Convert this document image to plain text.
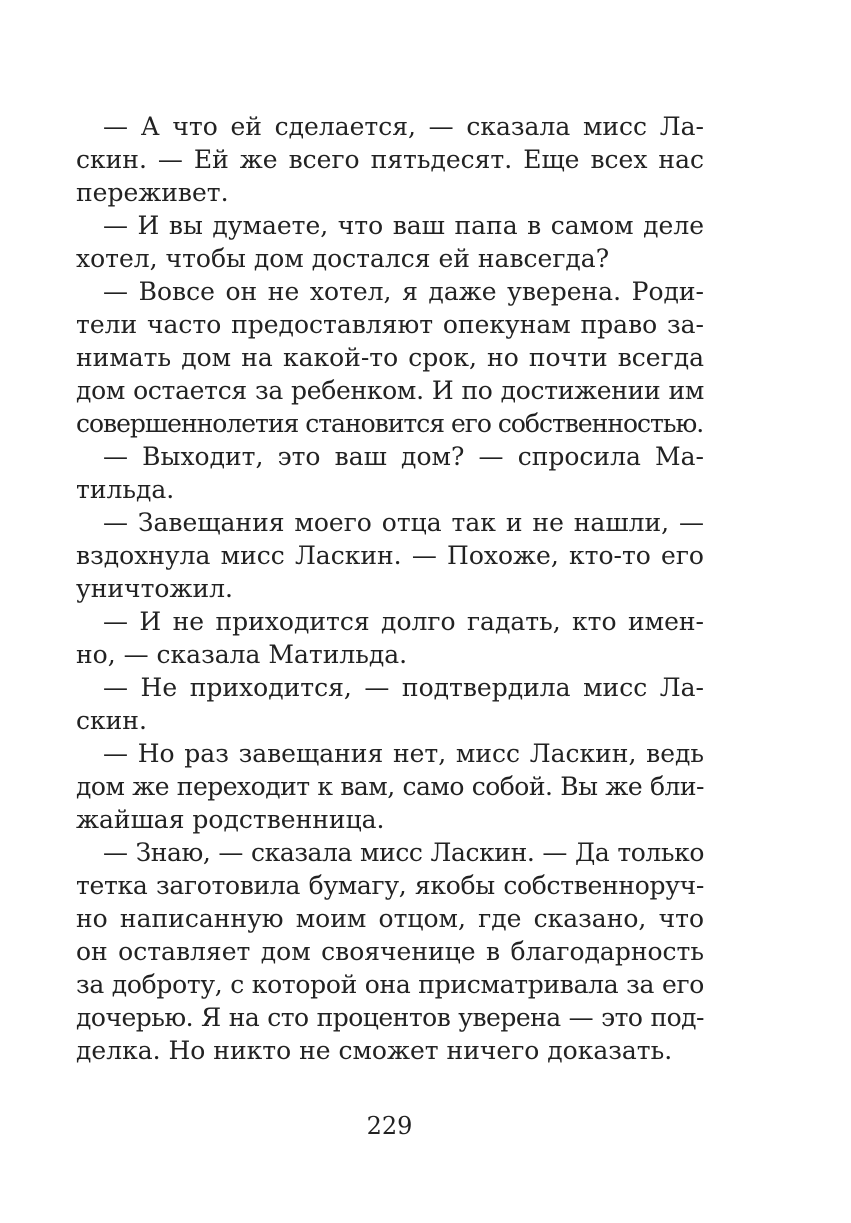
— А что ей сделается, — сказала мисс Ла-
скин. — Ей же всего пятьдесят. Еще всех нас
переживет.
— И вы думаете, что ваш папа в самом деле
хотел, чтобы дом достался ей навсегда?
— Вовсе он не хотел, я даже уверена. Роди-
тели часто предоставляют опекунам право за-
нимать дом на какой-то срок, но почти всегда
дом остается за ребенком. И по достижении им
совершеннолетия становится его собственностью.
— Выходит, это ваш дом? — спросила Ма-
тильда.
— Завещания моего отца так и не нашли, —
вздохнула мисс Ласкин. — Похоже, кто-то его
уничтожил.
— И не приходится долго гадать, кто имен-
но, — сказала Матильда.
— Не приходится, — подтвердила мисс Ла-
скин.
— Но раз завещания нет, мисс Ласкин, ведь
дом же переходит к вам, само собой. Вы же бли-
жайшая родственница.
— Знаю, — сказала мисс Ласкин. — Да только
тетка заготовила бумагу, якобы собственноруч-
но написанную моим отцом, где сказано, что
он оставляет дом свояченице в благодарность
за доброту, с которой она присматривала за его
дочерью. Я на сто процентов уверена — это под-
делка. Но никто не сможет ничего доказать.
229
